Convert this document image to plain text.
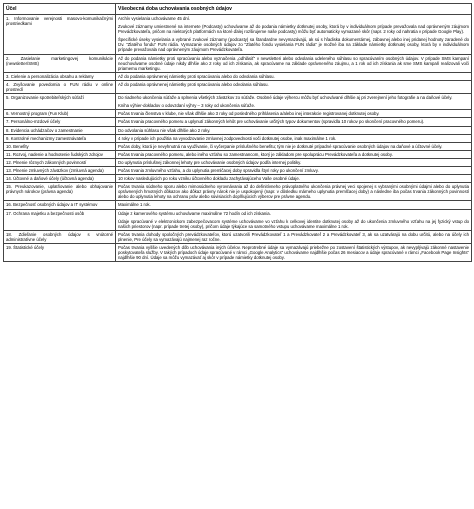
Účel	Všeobecná doba uchovávania osobných údajov
1. Informovanie verejnosti masovo-komunikačnými prostriedkami	Archív vysielania uchovávame 45 dní.

Zvukové záznamy umiestnené na internete (Podcasty) uchovávame až do podania námietky dotknutej osoby, ktorá by v individuálnom prípade prevažovala nad oprávneným záujmom Prevádzkovateľa, pričom na niektorých platformách na ktoré ďalej rozširujeme naše podcasty) môžu byť automaticky vymazané skôr (napr. 2 roky od nahratia v prípade Google Play).

Špecifické úseky vysielania a vybrané zvukové záznamy (podcasty) sa štandardne nevymazávajú, ak sú s hľadiska dokumentárnej, zábavnej alebo inej pridanej hodnoty zaradené do tzv. "Zlatého fondu" FUN rádia. Vymazanie osobných údajov zo "Zlatého fondu vysielania FUN rádia" je možné iba na základe námietky dotknutej osoby, ktorá by v individuálnom prípade prevažovala nad oprávneným záujmom Prevádzkovateľa.

2. Zasielanie marketingovej komunikácie (newsletter/SMS)	Až do podania námietky proti spracúvaniu alebo vyznačenia „odhlásiť" v newsletteri alebo odvolania udeleného súhlasu so spracúvaním osobných údajov. V prípade SMS kampaní neuchovávame osobné údaje nikdy dlhšie ako 2 roky od ich získania, ak spracúvame na základe oprávneného záujmu, a 1 rok od ich získania ak sme SMS kampaň realizovali voči priamemu marketingu.

3. Cielenie a personalizácia obsahu a reklamy	Až do podania oprávnenej námietky proti spracúvaniu alebo do odvolania súhlasu.

4. Zvyšovanie povedomia o FUN rádiu v online prostredí	Až do podania oprávnenej námietky proti spracúvaniu alebo odvolania súhlasu.

5. Organizovanie spotrebiteľských súťaží	Do riadneho ukončenia súťaže a splnenia všetkých záväzkov zo súťaže. Osobné údaje výhercu môžu byť uchovávané dlhšie aj pri zverejnení jeho fotografie a na daňové účely.

Kniha výhier-dokladov o odovzdaní výhry – 3 roky od ukončenia súťaže.

6. Vernostný program (Fun Klub)	Počas trvania členstva v klube, nie však dlhšie ako 3 roky od posledného prihlásenia a/alebo inej interakcie registrovanej dotknutej osoby.

7. Personálno-mzdové účely	Počas trvania pracovného pomeru a uplynutí zákonných lehôt pre uchovávanie určitých typov dokumentov (spravidla 10 rokov po skončení pracovného pomeru).

8. Evidencia uchádzačov o zamestnanie	Do odvolania súhlasu nie však dlhšie ako 2 roky.

9. Kontrolné mechanizmy zamestnávateľa	4 roky v prípade ich použitia na vyvodzovanie zmluvnej zodpovednosti voči dotknutej osobe, inak maximálne 1 rok.

10. Benefity	Počas doby, ktorá je nevyhnutná na využívanie, či vyčerpanie príslušného benefitu; tým nie je dotknuté prípadné spracúvanie osobných údajov na daňové a účtovné účely.

11. Rozvoj, nadenie a hodnotenie ľudských zdrojov	Počas trvania pracovného pomeru, alebo iného vzťahu so zamestnancom, ktorý je základom pre spoluprácu Prevádzkovateľa a dotknutej osoby.

12. Plnenie rôznych zákonných povinností	Do uplynutia príslušnej zákonnej lehoty pre uchovávanie osobných údajov podľa internej politiky.

13. Plnenie zmluvných záväzkov (zmluvná agenda)	Počas trvania zmluvného vzťahu, a do uplynutia premlčacej doby spravidla štyri roky po ukončení zmluvy.

14. Účtovné a daňové účely (účtovná agenda)	10 rokov nasledujúcich po roku vzniku účtovného dokladu zachytávajúceho Vaše osobné údaje.

15. Preukazovanie, uplatňovanie alebo obhajovanie právnych nárokov (právna agenda)	Počas trvania súdneho sporu alebo mimosúdneho vyrovnávania až do definitívneho právoplatného ukončenia právnej veci spojenej s vybranými osobnými údajmi alebo do uplynutia oprávnených hmotných dôkazov ako dôkaz právny nárok nie je uspokojený (napr. v dôsledku márneho uplynutia premlčacej doby) a následne iba počas trvania zákonných povinností alebo do uplynutia lehoty na ochranu práv alebo súvisiacich doplňujúcich výberov pre právne agendu.

16. Bezpečnosť osobných údajov a IT systémov	Maximálne 1 rok.

17. Ochrana majetku a bezpečnosti osôb	Údaje z kamerového systému uchovávame maximálne 72 hodín od ich získania.

Údaje spracúvané v elektronickom zabezpečovacom systéme uchovávame vo vzťahu k celkovej identite dotknutej osoby až do ukončenia zmluvného vzťahu na jej fyzický vstup do našich priestorov (napr. prípade tretej osoby), pričom údaje týkajúce sa samotného vstupu uchovávame maximálne 1 rok.

18. Zdieľanie osobných údajov s vnútorné administratívne účely	Počas trvania dohody spoločných prevádzkovateľov, ktorú uzatvorili Prevádzkovateľ 1 a Prevádzkovateľ 2 a Prevádzkovateľ 3, ak sa uzatvárajú na dobu určitú, alebo na účely ich plnenie, Pre účely sa vymazávajú najmenej raz ročne.

19. Štatistické účely	Počas trvania vyššie uvedených dôb uchovávania iných účelov. Neprotrebné údaje sa vymazávajú priebežne po zostavení štatistických výstupov, ak nevyplývajú zákonné nastavenie poskytovateľa služby. V takých prípadoch údaje spracúvané v rámci „Google Analytics" uchovávame najdlhšie počas 26 mesiacov a údaje spracúvané v rámci „Facebook Page Insights" najdlhšie 90 dní. Údaje sa môžu vymazávať aj skôr v prípade námietky dotknutej osoby.
